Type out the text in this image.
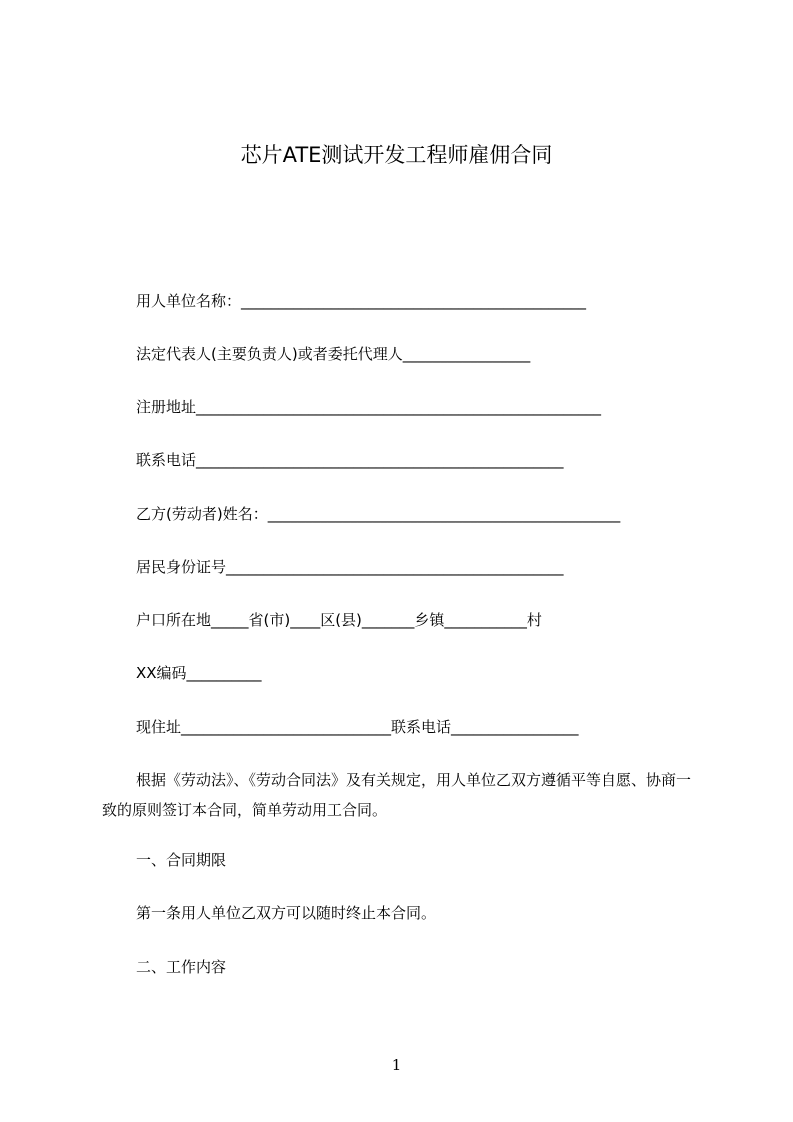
芯片ATE测试开发工程师雇佣合同
用人单位名称：______________________________________________
法定代表人(主要负责人)或者委托代理人_________________
注册地址______________________________________________________
联系电话_________________________________________________
乙方(劳动者)姓名：_______________________________________________
居民身份证号_____________________________________________
户口所在地_____省(市)____区(县)_______乡镇___________村
XX编码__________
现住址____________________________联系电话_________________
根据《劳动法》、《劳动合同法》及有关规定，用人单位乙双方遵循平等自愿、协商一致的原则签订本合同，简单劳动用工合同。
一、合同期限
第一条用人单位乙双方可以随时终止本合同。
二、工作内容
1
